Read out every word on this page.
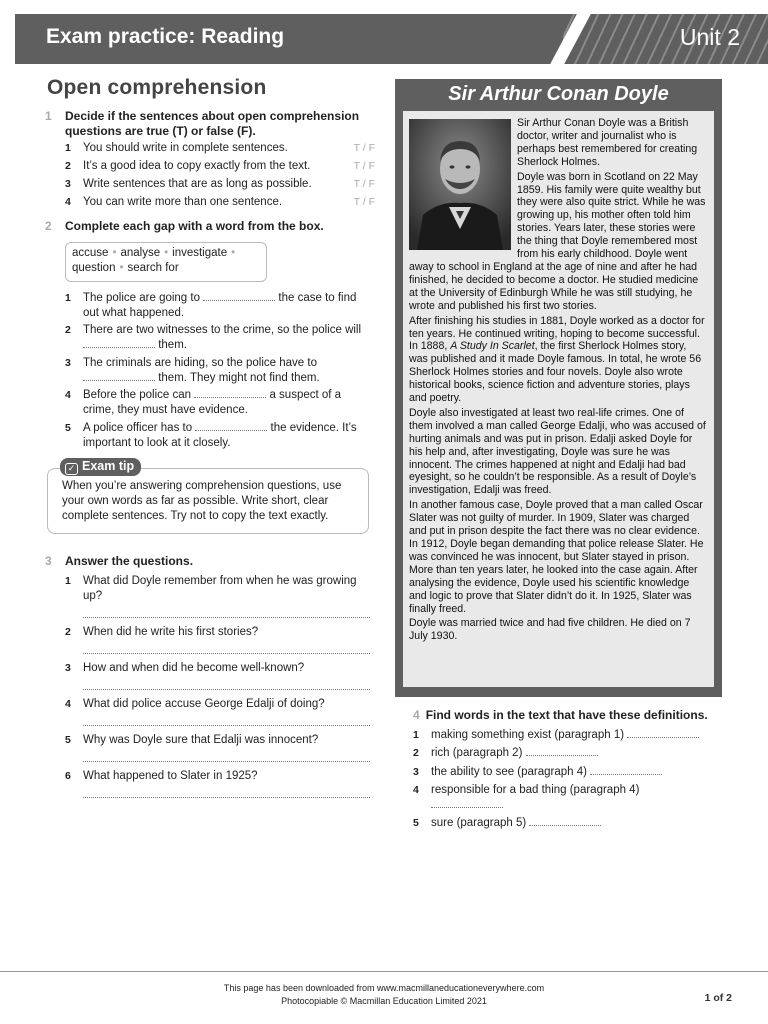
Exam practice: Reading	Unit 2
Open comprehension
1 Decide if the sentences about open comprehension questions are true (T) or false (F).
1 You should write in complete sentences.	T / F
2 It’s a good idea to copy exactly from the text.	T / F
3 Write sentences that are as long as possible.	T / F
4 You can write more than one sentence.	T / F
2 Complete each gap with a word from the box.
accuse • analyse • investigate •
question • search for
1 The police are going to	the case to find out what happened.
2 There are two witnesses to the crime, so the police will  them.
3 The criminals are hiding, so the police have to  them. They might not find them.
4 Before the police can	a suspect of a crime, they must have evidence.
5 A police officer has to	the evidence. It’s important to look at it closely.
✓ Exam tip
When you’re answering comprehension questions, use your own words as far as possible. Write short, clear complete sentences. Try not to copy the text exactly.
3 Answer the questions.
1 What did Doyle remember from when he was growing up?
2 When did he write his first stories?
3 How and when did he become well-known?
4 What did police accuse George Edalji of doing?
5 Why was Doyle sure that Edalji was innocent?
6 What happened to Slater in 1925?
Sir Arthur Conan Doyle

Sir Arthur Conan Doyle was a British doctor, writer and journalist who is perhaps best remembered for creating Sherlock Holmes.

Doyle was born in Scotland on 22 May 1859. His family were quite wealthy but they were also quite strict. While he was growing up, his mother often told him stories. Years later, these stories were the thing that Doyle remembered most from his early childhood. Doyle went away to school in England at the age of nine and after he had finished, he decided to become a doctor. He studied medicine at the University of Edinburgh While he was still studying, he wrote and published his first two stories.

After finishing his studies in 1881, Doyle worked as a doctor for ten years. He continued writing, hoping to become successful. In 1888, A Study In Scarlet, the first Sherlock Holmes story, was published and it made Doyle famous. In total, he wrote 56 Sherlock Holmes stories and four novels. Doyle also wrote historical books, science fiction and adventure stories, plays and poetry.

Doyle also investigated at least two real-life crimes. One of them involved a man called George Edalji, who was accused of hurting animals and was put in prison. Edalji asked Doyle for his help and, after investigating, Doyle was sure he was innocent. The crimes happened at night and Edalji had bad eyesight, so he couldn’t be responsible. As a result of Doyle’s investigation, Edalji was freed.

In another famous case, Doyle proved that a man called Oscar Slater was not guilty of murder. In 1909, Slater was charged and put in prison despite the fact there was no clear evidence. In 1912, Doyle began demanding that police release Slater. He was convinced he was innocent, but Slater stayed in prison. More than ten years later, he looked into the case again. After analysing the evidence, Doyle used his scientific knowledge and logic to prove that Slater didn’t do it. In 1925, Slater was finally freed.

Doyle was married twice and had five children. He died on 7 July 1930.

4 Find words in the text that have these definitions.
1 making something exist (paragraph 1)
2 rich (paragraph 2)
3 the ability to see (paragraph 4)
4 responsible for a bad thing (paragraph 4)

5 sure (paragraph 5)
This page has been downloaded from www.macmillaneducationeverywhere.com
Photocopiable © Macmillan Education Limited 2021	1 of 2
